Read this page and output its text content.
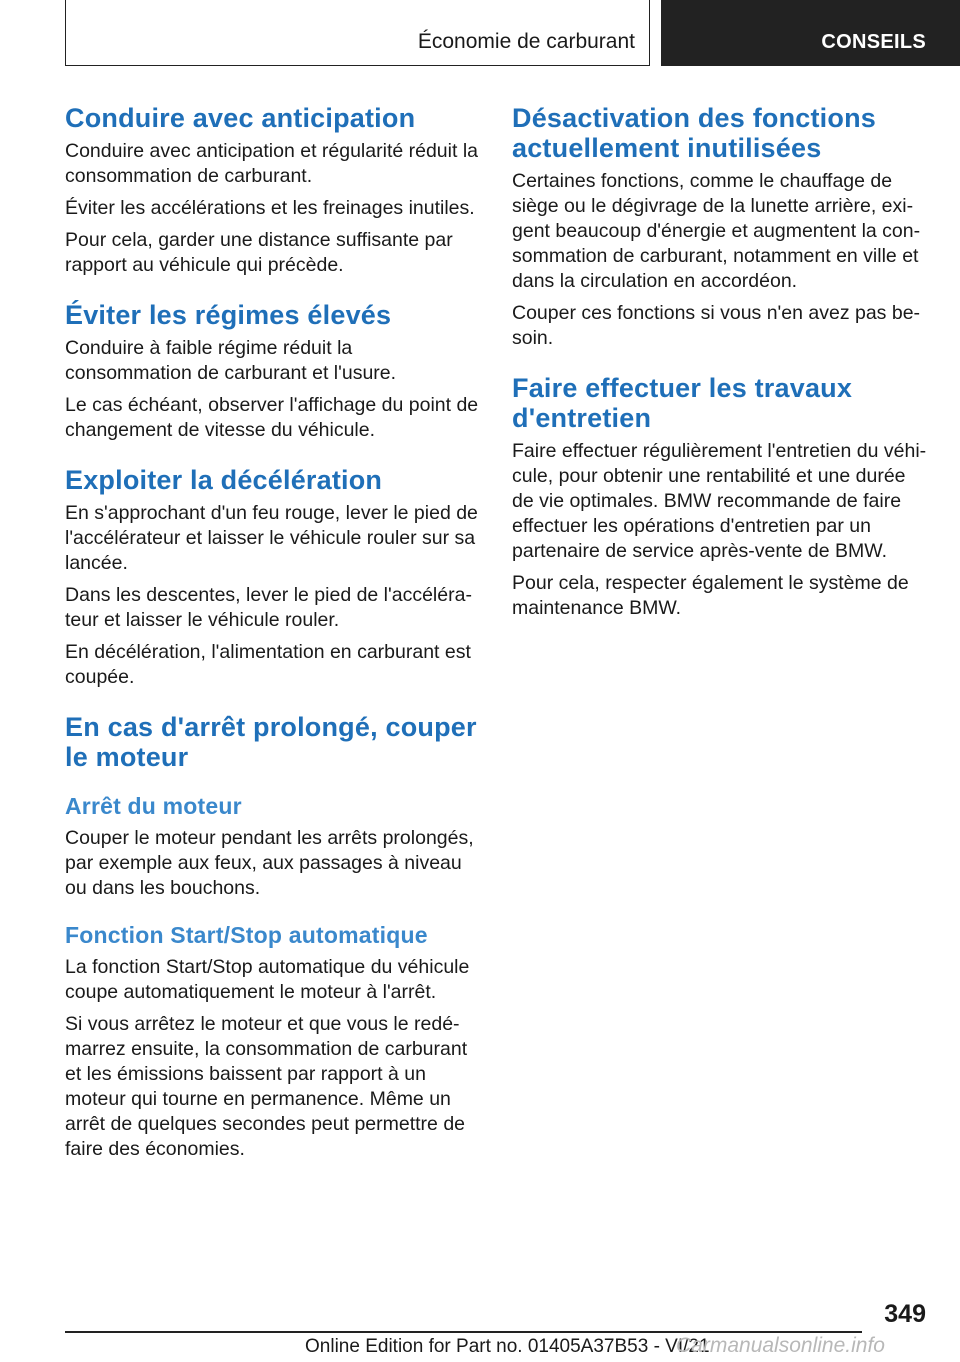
Économie de carburant	CONSEILS
Conduire avec anticipation

Conduire avec anticipation et régularité réduit la consommation de carburant.

Éviter les accélérations et les freinages inutiles.

Pour cela, garder une distance suffisante par rapport au véhicule qui précède.

Éviter les régimes élevés

Conduire à faible régime réduit la consommation de carburant et l'usure.

Le cas échéant, observer l'affichage du point de changement de vitesse du véhicule.

Exploiter la décélération

En s'approchant d'un feu rouge, lever le pied de l'accélérateur et laisser le véhicule rouler sur sa lancée.

Dans les descentes, lever le pied de l'accélérateur et laisser le véhicule rouler.

En décélération, l'alimentation en carburant est coupée.

En cas d'arrêt prolongé, couper le moteur
Arrêt du moteur

Couper le moteur pendant les arrêts prolongés, par exemple aux feux, aux passages à niveau ou dans les bouchons.

Fonction Start/Stop automatique

La fonction Start/Stop automatique du véhicule coupe automatiquement le moteur à l'arrêt.

Si vous arrêtez le moteur et que vous le redémarrez ensuite, la consommation de carburant et les émissions baissent par rapport à un moteur qui tourne en permanence. Même un arrêt de quelques secondes peut permettre de faire des économies.

Désactivation des fonctions actuellement inutilisées

Certaines fonctions, comme le chauffage de siège ou le dégivrage de la lunette arrière, exigent beaucoup d'énergie et augmentent la consommation de carburant, notamment en ville et dans la circulation en accordéon.

Couper ces fonctions si vous n'en avez pas besoin.

Faire effectuer les travaux d'entretien

Faire effectuer régulièrement l'entretien du véhicule, pour obtenir une rentabilité et une durée de vie optimales. BMW recommande de faire effectuer les opérations d'entretien par un partenaire de service après-vente de BMW.

Pour cela, respecter également le système de maintenance BMW.

349
Online Edition for Part no. 01405A37B53 - VI/21
Carmanualsonline.info
